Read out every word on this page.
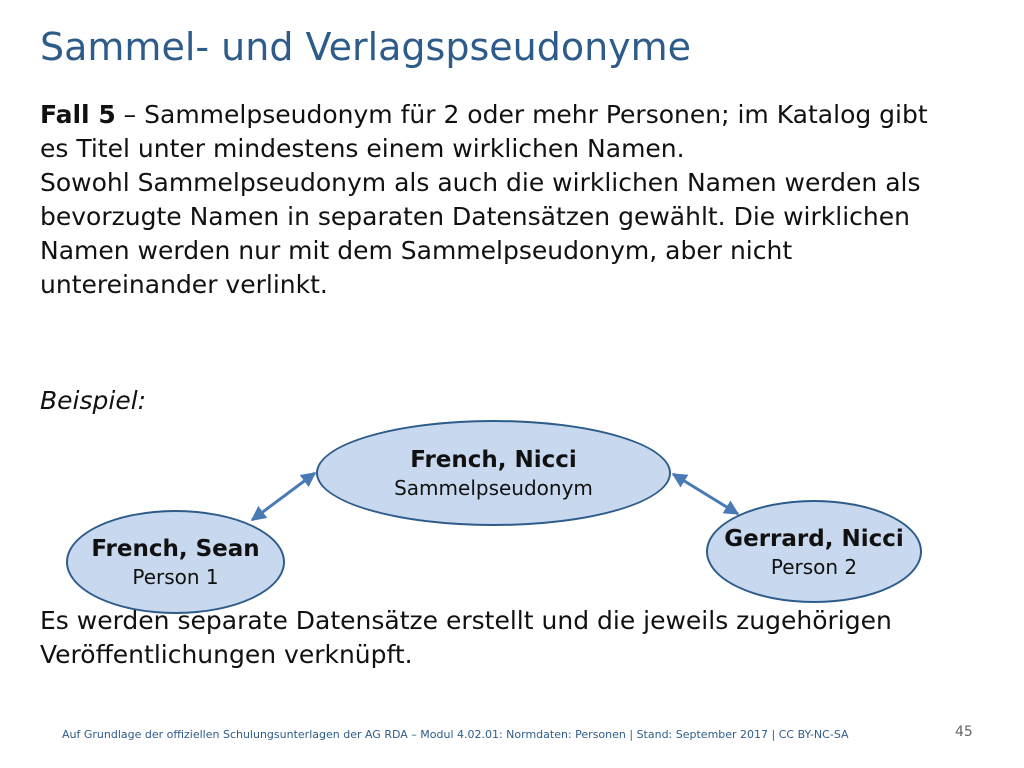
Sammel- und Verlagspseudonyme

Fall 5 – Sammelpseudonym für 2 oder mehr Personen; im Katalog gibt es Titel unter mindestens einem wirklichen Namen.

Sowohl Sammelpseudonym als auch die wirklichen Namen werden als bevorzugte Namen in separaten Datensätzen gewählt. Die wirklichen Namen werden nur mit dem Sammelpseudonym, aber nicht untereinander verlinkt.

Beispiel:
French, Nicci
Sammelpseudonym
French, Sean
Person 1
Gerrard, Nicci
Person 2
Es werden separate Datensätze erstellt und die jeweils zugehörigen Veröffentlichungen verknüpft.
Auf Grundlage der offiziellen Schulungsunterlagen der AG RDA – Modul 4.02.01: Normdaten: Personen | Stand: September 2017 | CC BY-NC-SA	45
